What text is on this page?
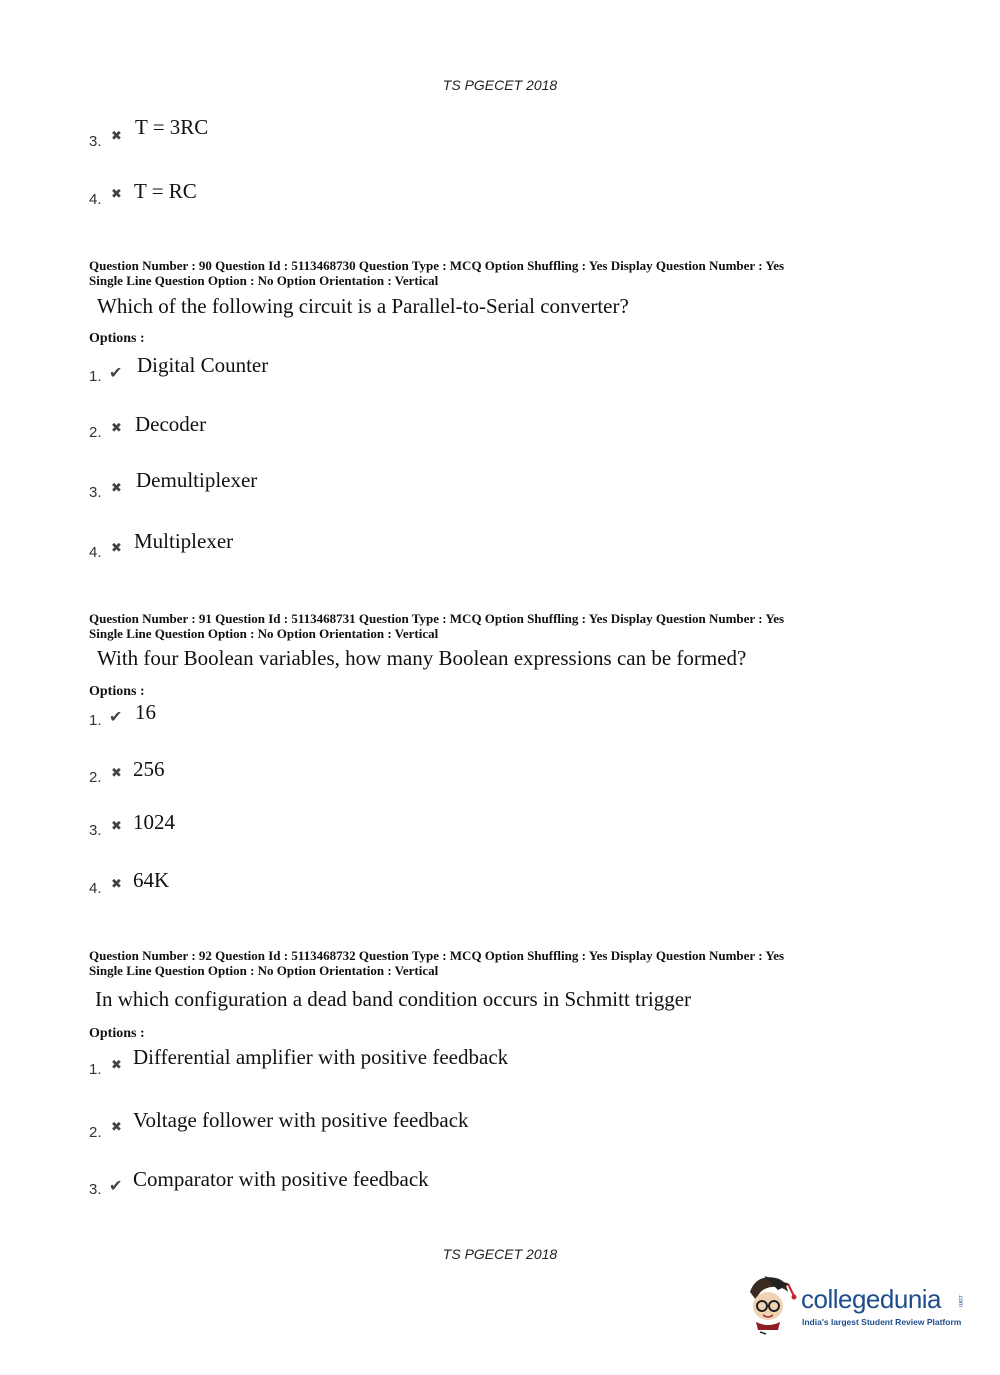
TS PGECET 2018
3. ✖ T = 3RC
4. ✖ T = RC
Question Number : 90 Question Id : 5113468730 Question Type : MCQ Option Shuffling : Yes Display Question Number : Yes
Single Line Question Option : No Option Orientation : Vertical
Which of the following circuit is a Parallel-to-Serial converter?
Options :
1. ✔ Digital Counter
2. ✖ Decoder
3. ✖ Demultiplexer
4. ✖ Multiplexer
Question Number : 91 Question Id : 5113468731 Question Type : MCQ Option Shuffling : Yes Display Question Number : Yes
Single Line Question Option : No Option Orientation : Vertical
With four Boolean variables, how many Boolean expressions can be formed?
Options :
1. ✔ 16
2. ✖ 256
3. ✖ 1024
4. ✖ 64K
Question Number : 92 Question Id : 5113468732 Question Type : MCQ Option Shuffling : Yes Display Question Number : Yes
Single Line Question Option : No Option Orientation : Vertical
In which configuration a dead band condition occurs in Schmitt trigger
Options :
1. ✖ Differential amplifier with positive feedback
2. ✖ Voltage follower with positive feedback
3. ✔ Comparator with positive feedback
TS PGECET 2018
collegedunia	.com
India's largest Student Review Platform
